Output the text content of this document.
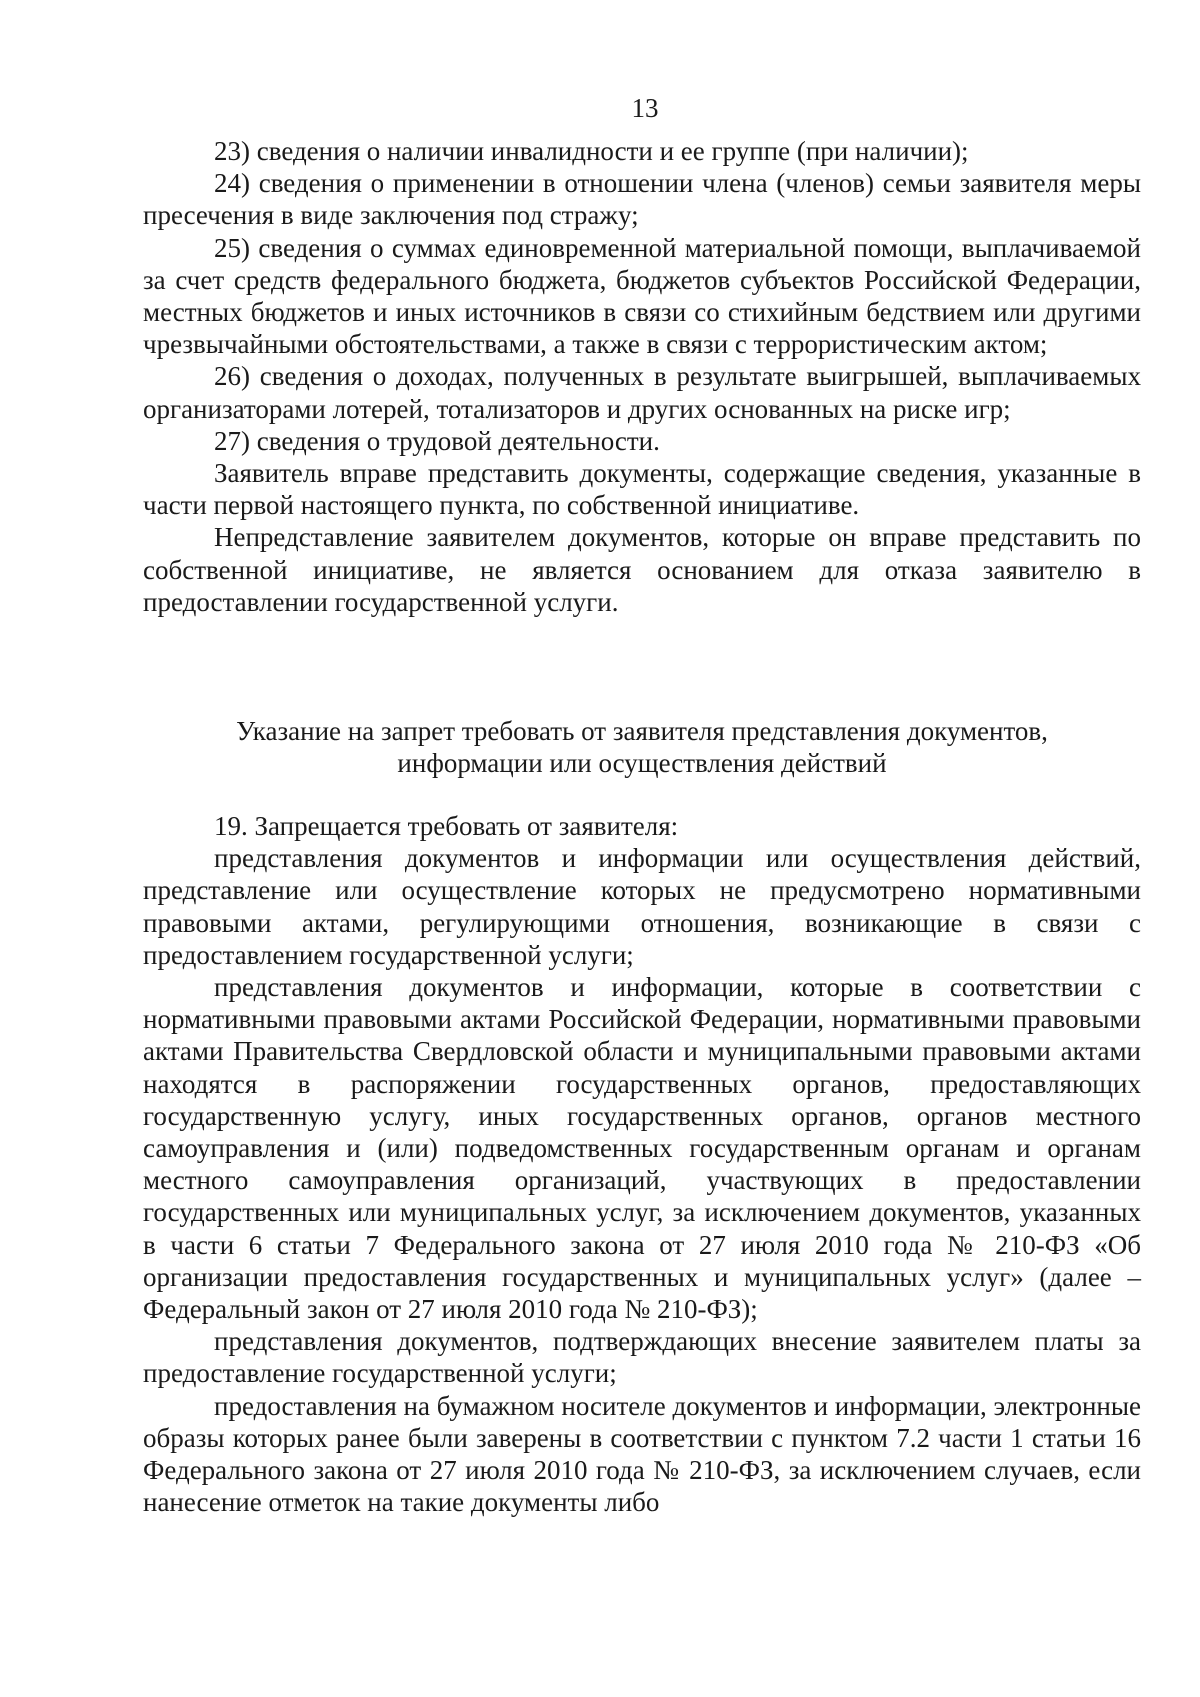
13

23) сведения о наличии инвалидности и ее группе (при наличии);

24) сведения о применении в отношении члена (членов) семьи заявителя меры пресечения в виде заключения под стражу;

25) сведения о суммах единовременной материальной помощи, выплачиваемой за счет средств федерального бюджета, бюджетов субъектов Российской Федерации, местных бюджетов и иных источников в связи со стихийным бедствием или другими чрезвычайными обстоятельствами, а также в связи с террористическим актом;

26) сведения о доходах, полученных в результате выигрышей, выплачиваемых организаторами лотерей, тотализаторов и других основанных на риске игр;

27) сведения о трудовой деятельности.

Заявитель вправе представить документы, содержащие сведения, указанные в части первой настоящего пункта, по собственной инициативе.

Непредставление заявителем документов, которые он вправе представить по собственной инициативе, не является основанием для отказа заявителю в предоставлении государственной услуги.

Указание на запрет требовать от заявителя представления документов,

информации или осуществления действий

19. Запрещается требовать от заявителя:

представления документов и информации или осуществления действий, представление или осуществление которых не предусмотрено нормативными правовыми актами, регулирующими отношения, возникающие в связи с предоставлением государственной услуги;

представления документов и информации, которые в соответствии с нормативными правовыми актами Российской Федерации, нормативными правовыми актами Правительства Свердловской области и муниципальными правовыми актами находятся в распоряжении государственных органов, предоставляющих государственную услугу, иных государственных органов, органов местного самоуправления и (или) подведомственных государственным органам и органам местного самоуправления организаций, участвующих в предоставлении государственных или муниципальных услуг, за исключением документов, указанных в части 6 статьи 7 Федерального закона от 27 июля 2010 года № 210-ФЗ «Об организации предоставления государственных и муниципальных услуг» (далее – Федеральный закон от 27 июля 2010 года № 210-ФЗ);

представления документов, подтверждающих внесение заявителем платы за предоставление государственной услуги;

предоставления на бумажном носителе документов и информации, электронные образы которых ранее были заверены в соответствии с пунктом 7.2 части 1 статьи 16 Федерального закона от 27 июля 2010 года № 210-ФЗ, за исключением случаев, если нанесение отметок на такие документы либо
